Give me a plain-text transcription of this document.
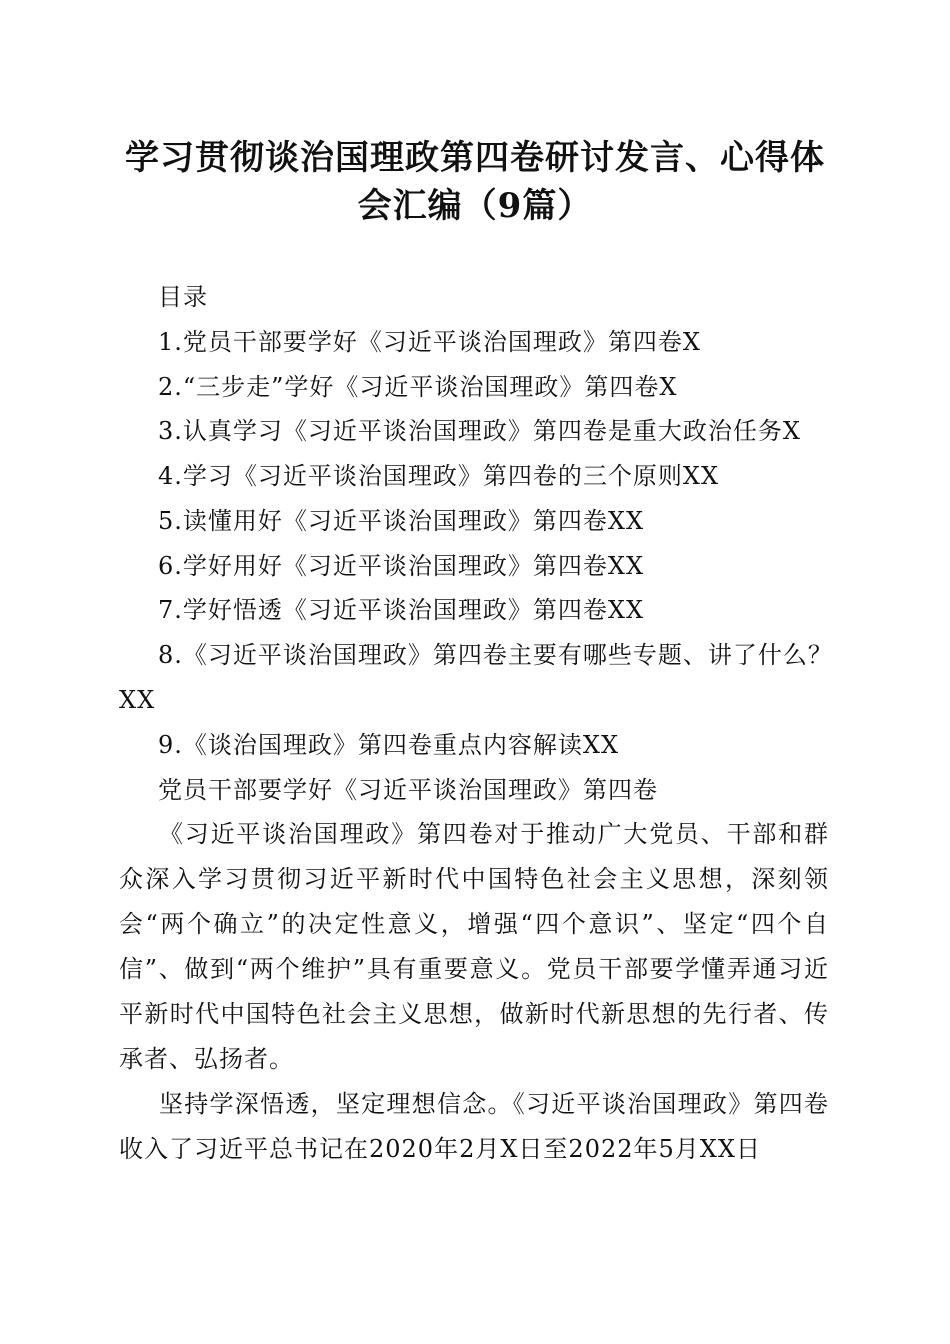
学习贯彻谈治国理政第四卷研讨发言、心得体
会汇编（9篇）
目录
1.党员干部要学好《习近平谈治国理政》第四卷X
2.“三步走”学好《习近平谈治国理政》第四卷X
3.认真学习《习近平谈治国理政》第四卷是重大政治任务X
4.学习《习近平谈治国理政》第四卷的三个原则XX
5.读懂用好《习近平谈治国理政》第四卷XX
6.学好用好《习近平谈治国理政》第四卷XX
7.学好悟透《习近平谈治国理政》第四卷XX
8.《习近平谈治国理政》第四卷主要有哪些专题、讲了什么？
XX
9.《谈治国理政》第四卷重点内容解读XX
党员干部要学好《习近平谈治国理政》第四卷
《习近平谈治国理政》第四卷对于推动广大党员、干部和群众深入学习贯彻习近平新时代中国特色社会主义思想，深刻领会“两个确立”的决定性意义，增强“四个意识”、坚定“四个自信”、做到“两个维护”具有重要意义。党员干部要学懂弄通习近平新时代中国特色社会主义思想，做新时代新思想的先行者、传承者、弘扬者。
坚持学深悟透，坚定理想信念。《习近平谈治国理政》第四卷收入了习近平总书记在2020年2月X日至2022年5月XX日
